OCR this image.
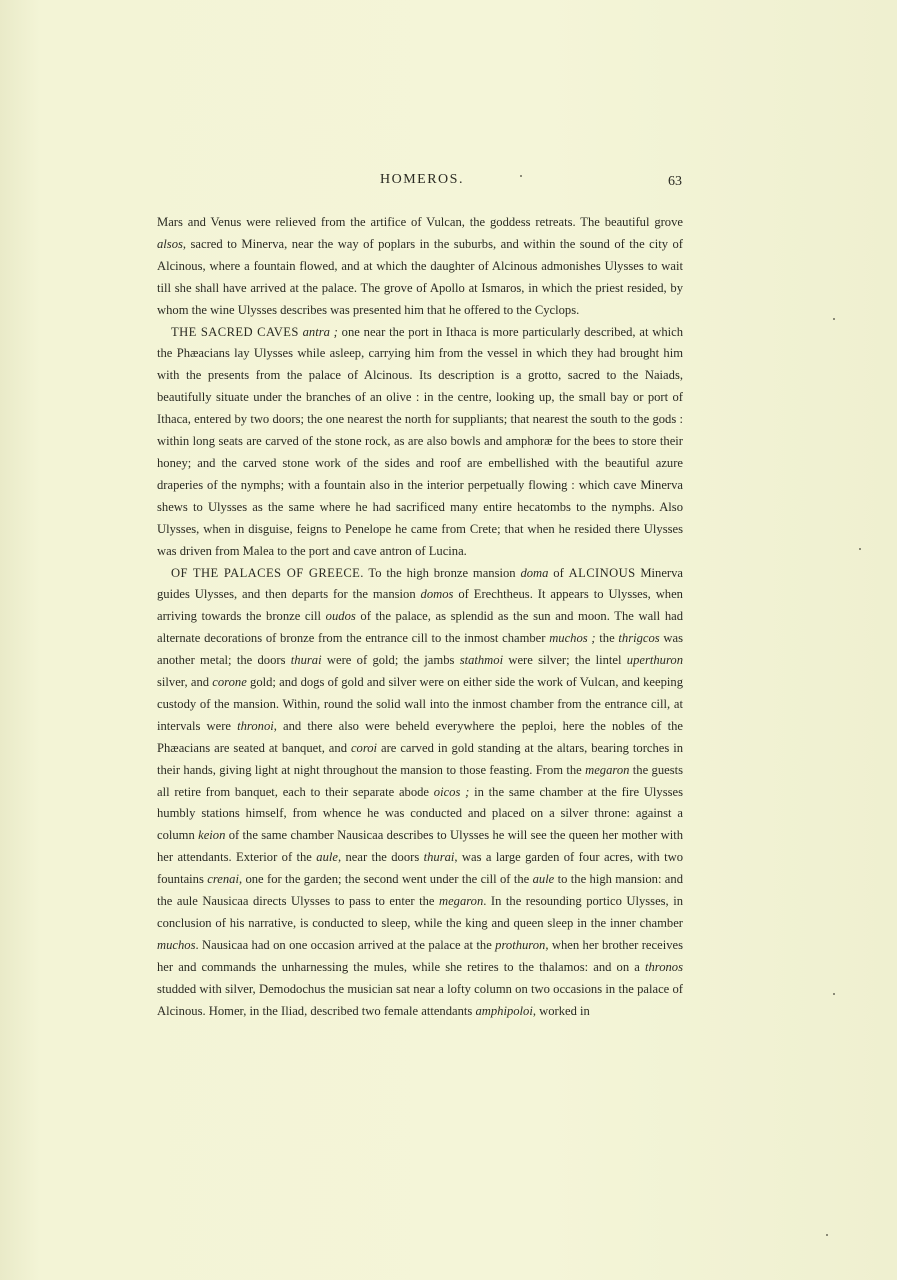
HOMEROS.	63

Mars and Venus were relieved from the artifice of Vulcan, the goddess retreats. The beautiful grove alsos, sacred to Minerva, near the way of poplars in the suburbs, and within the sound of the city of Alcinous, where a fountain flowed, and at which the daughter of Alcinous admonishes Ulysses to wait till she shall have arrived at the palace. The grove of Apollo at Ismaros, in which the priest resided, by whom the wine Ulysses describes was presented him that he offered to the Cyclops.

THE SACRED CAVES antra ; one near the port in Ithaca is more particularly described, at which the Phæacians lay Ulysses while asleep, carrying him from the vessel in which they had brought him with the presents from the palace of Alcinous. Its description is a grotto, sacred to the Naiads, beautifully situate under the branches of an olive : in the centre, looking up, the small bay or port of Ithaca, entered by two doors; the one nearest the north for suppliants; that nearest the south to the gods : within long seats are carved of the stone rock, as are also bowls and amphoræ for the bees to store their honey; and the carved stone work of the sides and roof are embellished with the beautiful azure draperies of the nymphs; with a fountain also in the interior perpetually flowing : which cave Minerva shews to Ulysses as the same where he had sacrificed many entire hecatombs to the nymphs. Also Ulysses, when in disguise, feigns to Penelope he came from Crete; that when he resided there Ulysses was driven from Malea to the port and cave antron of Lucina.

OF THE PALACES OF GREECE. To the high bronze mansion doma of ALCINOUS Minerva guides Ulysses, and then departs for the mansion domos of Erechtheus. It appears to Ulysses, when arriving towards the bronze cill oudos of the palace, as splendid as the sun and moon. The wall had alternate decorations of bronze from the entrance cill to the inmost chamber muchos ; the thrigcos was another metal; the doors thurai were of gold; the jambs stathmoi were silver; the lintel uperthuron silver, and corone gold; and dogs of gold and silver were on either side the work of Vulcan, and keeping custody of the mansion. Within, round the solid wall into the inmost chamber from the entrance cill, at intervals were thronoi, and there also were beheld everywhere the peploi, here the nobles of the Phæacians are seated at banquet, and coroi are carved in gold standing at the altars, bearing torches in their hands, giving light at night throughout the mansion to those feasting. From the megaron the guests all retire from banquet, each to their separate abode oicos ; in the same chamber at the fire Ulysses humbly stations himself, from whence he was conducted and placed on a silver throne: against a column keion of the same chamber Nausicaa describes to Ulysses he will see the queen her mother with her attendants. Exterior of the aule, near the doors thurai, was a large garden of four acres, with two fountains crenai, one for the garden; the second went under the cill of the aule to the high mansion: and the aule Nausicaa directs Ulysses to pass to enter the megaron. In the resounding portico Ulysses, in conclusion of his narrative, is conducted to sleep, while the king and queen sleep in the inner chamber muchos. Nausicaa had on one occasion arrived at the palace at the prothuron, when her brother receives her and commands the unharnessing the mules, while she retires to the thalamos: and on a thronos studded with silver, Demodochus the musician sat near a lofty column on two occasions in the palace of Alcinous. Homer, in the Iliad, described two female attendants amphipoloi, worked in
